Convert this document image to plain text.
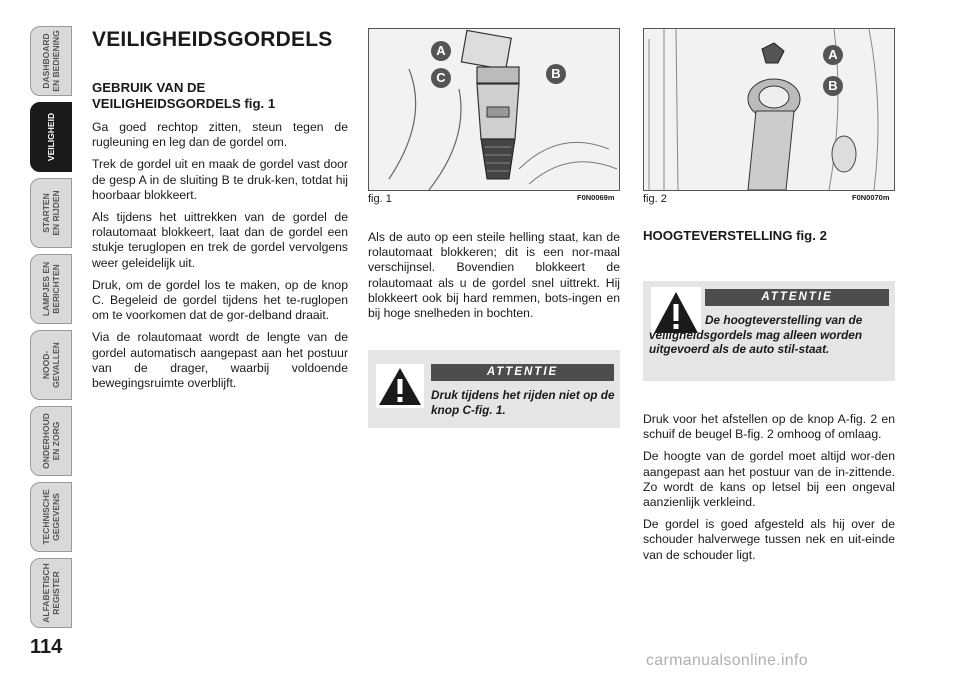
DASHBOARD
EN BEDIENING
VEILIGHEID
STARTEN
EN RIJDEN
LAMPJES EN
BERICHTEN
NOOD-
GEVALLEN
ONDERHOUD
EN ZORG
TECHNISCHE
GEGEVENS
ALFABETISCH
REGISTER
114
VEILIGHEIDSGORDELS
GEBRUIK VAN DE VEILIGHEIDSGORDELS fig. 1

Ga goed rechtop zitten, steun tegen de rugleuning en leg dan de gordel om.

Trek de gordel uit en maak de gordel vast door de gesp A in de sluiting B te druk-ken, totdat hij hoorbaar blokkeert.

Als tijdens het uittrekken van de gordel de rolautomaat blokkeert, laat dan de gordel een stukje teruglopen en trek de gordel vervolgens weer geleidelijk uit.

Druk, om de gordel los te maken, op de knop C. Begeleid de gordel tijdens het te-ruglopen om te voorkomen dat de gor-delband draait.

Via de rolautomaat wordt de lengte van de gordel automatisch aangepast aan het postuur van de drager, waarbij voldoende bewegingsruimte overblijft.

A
B
C
fig. 1	F0N0069m

Als de auto op een steile helling staat, kan de rolautomaat blokkeren; dit is een nor-maal verschijnsel. Bovendien blokkeert de rolautomaat als u de gordel snel uittrekt. Hij blokkeert ook bij hard remmen, bots-ingen en bij hoge snelheden in bochten.

ATTENTIE
Druk tijdens het rijden niet op de knop C-fig. 1.
A
B
fig. 2	F0N0070m
HOOGTEVERSTELLING fig. 2
ATTENTIE
De hoogteverstelling van de veiligheidsgordels mag alleen worden uitgevoerd als de auto stil-staat.

Druk voor het afstellen op de knop A-fig. 2 en schuif de beugel B-fig. 2 omhoog of omlaag.

De hoogte van de gordel moet altijd wor-den aangepast aan het postuur van de in-zittende. Zo wordt de kans op letsel bij een ongeval aanzienlijk verkleind.

De gordel is goed afgesteld als hij over de schouder halverwege tussen nek en uit-einde van de schouder ligt.

carmanualsonline.info
